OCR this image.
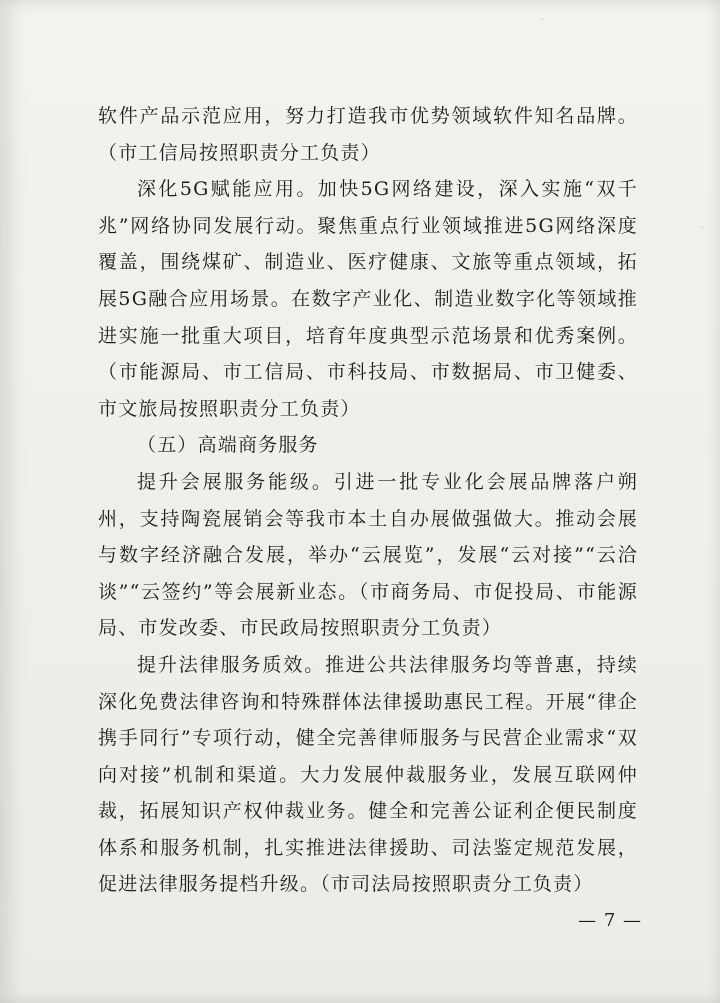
软件产品示范应用，努力打造我市优势领域软件知名品牌。（市工信局按照职责分工负责）

深化5G赋能应用。加快5G网络建设，深入实施“双千兆”网络协同发展行动。聚焦重点行业领域推进5G网络深度覆盖，围绕煤矿、制造业、医疗健康、文旅等重点领域，拓展5G融合应用场景。在数字产业化、制造业数字化等领域推进实施一批重大项目，培育年度典型示范场景和优秀案例。（市能源局、市工信局、市科技局、市数据局、市卫健委、市文旅局按照职责分工负责）

（五）高端商务服务

提升会展服务能级。引进一批专业化会展品牌落户朔州，支持陶瓷展销会等我市本土自办展做强做大。推动会展与数字经济融合发展，举办“云展览”，发展“云对接”“云洽谈”“云签约”等会展新业态。（市商务局、市促投局、市能源局、市发改委、市民政局按照职责分工负责）

提升法律服务质效。推进公共法律服务均等普惠，持续深化免费法律咨询和特殊群体法律援助惠民工程。开展“律企携手同行”专项行动，健全完善律师服务与民营企业需求“双向对接”机制和渠道。大力发展仲裁服务业，发展互联网仲裁，拓展知识产权仲裁业务。健全和完善公证利企便民制度体系和服务机制，扎实推进法律援助、司法鉴定规范发展，促进法律服务提档升级。（市司法局按照职责分工负责）

— 7 —
